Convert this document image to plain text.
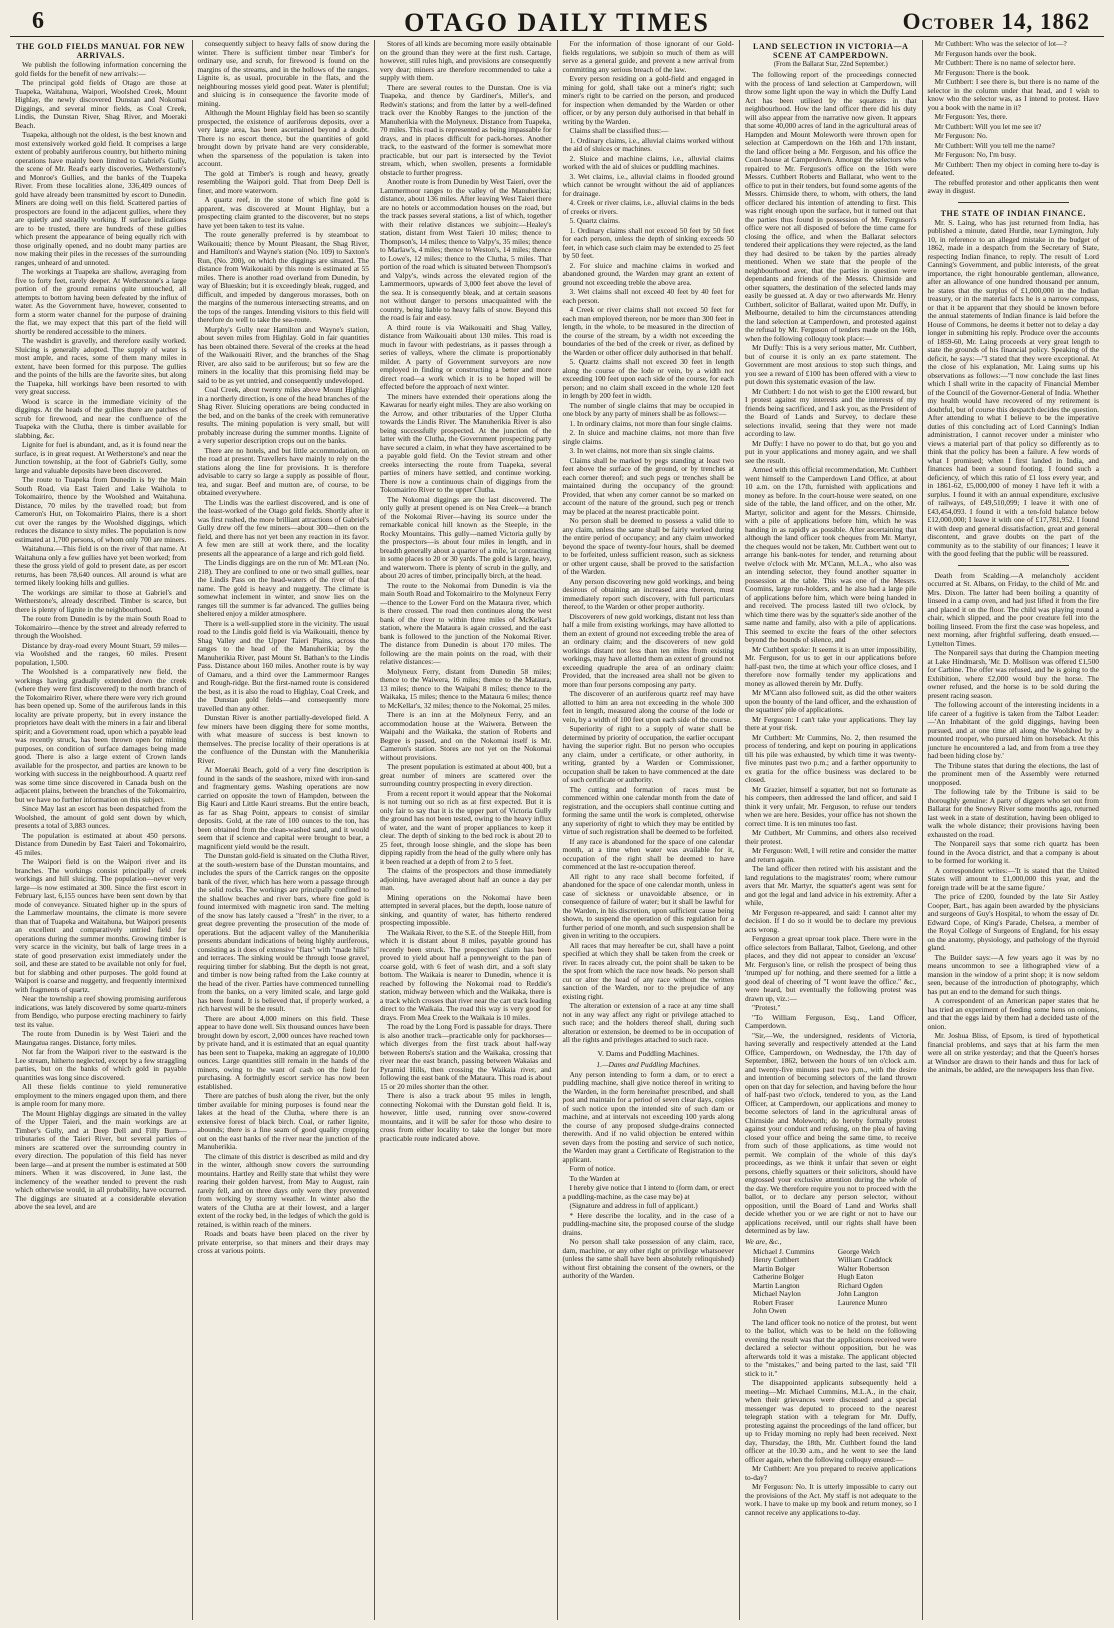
6	OTAGO DAILY TIMES	October 14, 1862
THE GOLD FIELDS MANUAL FOR NEW ARRIVALS.

We publish the following information concerning the gold fields for the benefit of new arrivals:—

The principal gold fields of Otago are those at Tuapeka, Waitahuna, Waipori, Woolshed Creek, Mount Highlay, the newly discovered Dunstan and Nokomai Diggings, and several minor fields, as Coal Creek, Lindis, the Dunstan River, Shag River, and Moeraki Beach.

Tuapeka, although not the oldest, is the best known and most extensively worked gold field. It comprises a large extent of probably auriferous country, but hitherto mining operations have mainly been limited to Gabriel's Gully, the scene of Mr. Read's early discoveries, Wetherstone's and Monroe's Gullies, and the banks of the Tuapeka River. From these localities alone, 336,409 ounces of gold have already been transmitted by escort to Dunedin. Miners are doing well on this field. Scattered parties of prospectors are found in the adjacent gullies, where they are quietly and steadily working. If surface indications are to be trusted, there are hundreds of these gullies which present the appearance of being equally rich with those originally opened, and no doubt many parties are now making their piles in the recesses of the surrounding ranges, unheard of and unnoted.

The workings at Tuapeka are shallow, averaging from five to forty feet, rarely deeper. At Wetherstone's a large portion of the ground remains quite untouched, all attempts to bottom having been defeated by the influx of water. As the Government have, however, consented to form a storm water channel for the purpose of draining the flat, we may expect that this part of the field will shortly be rendered accessible to the miners.

The washdirt is gravelly, and therefore easily worked. Sluicing is generally adopted. The supply of water is most ample, and races, some of them many miles in extent, have been formed for this purpose. The gullies and the points of the hills are the favorite sites, but along the Tuapeka, hill workings have been resorted to with very great success.

Wood is scarce in the immediate vicinity of the diggings. At the heads of the gullies there are patches of scrub for firewood, and near the confluence of the Tuapeka with the Clutha, there is timber available for slabbing, &c.

Lignite for fuel is abundant, and, as it is found near the surface, is in great request. At Wetherstone's and near the Junction township, at the foot of Gabriel's Gully, some large and valuable deposits have been discovered.

The route to Tuapeka from Dunedin is by the Main South Road, via East Taieri and Lake Waihola to Tokomairiro, thence by the Woolshed and Waitahuna. Distance, 70 miles by the travelled road; but from Cameron's Hut, on Tokomairiro Plains, there is a short cut over the ranges by the Woolshed diggings, which reduces the distance to sixty miles. The population is now estimated at 1,700 persons, of whom only 700 are miners.

Waitahuna.—This field is on the river of that name. At Waitahuna only a few gullies have yet been worked; from these the gross yield of gold to present date, as per escort returns, has been 78,640 ounces. All around is what are termed likely looking hills and gullies.

The workings are similar to those at Gabriel's and Wetherstone's, already described. Timber is scarce, but there is plenty of lignite in the neighbourhood.

The route from Dunedin is by the main South Road to Tokomairiro—thence by the street and already referred to through the Woolshed.

Distance by dray-road every Mount Stuart, 59 miles—via Woolshed and the ranges, 60 miles. Present population, 1,500.

The Woolshed is a comparatively new field, the workings having gradually extended down the creek (where they were first discovered) to the north branch of the Tokomairiro River, where there were very rich ground has been opened up. Some of the auriferous lands in this locality are private property, but in every instance the proprietors have dealt with the miners in a fair and liberal spirit; and a Government road, upon which a payable lead was recently struck, has been thrown open for mining purposes, on condition of surface damages being made good. There is also a large extent of Crown lands available for the prospector, and parties are known to be working with success in the neighbourhood. A quartz reef was some time since discovered in Canada bush on the adjacent plains, between the branches of the Tokomairiro, but we have no further information on this subject.

Since May last an escort has been despatched from the Woolshed, the amount of gold sent down by which, presents a total of 3,883 ounces.

The population is estimated at about 450 persons. Distance from Dunedin by East Taieri and Tokomairiro, 45 miles.

The Waipori field is on the Waipori river and its branches. The workings consist principally of creek workings and hill sluicing. The population—never very large—is now estimated at 300. Since the first escort in February last, 6,155 ounces have been sent down by that mode of conveyance. Situated higher up in the spurs of the Lammerlaw mountains, the climate is more severe than that of Tuapeka and Waitahuna, but Waipori presents an excellent and comparatively untried field for operations during the summer months. Growing timber is very scarce in the vicinity, but balk of large trees in a state of good preservation exist immediately under the soil, and these are stated to be available not only for fuel, but for slabbing and other purposes. The gold found at Waipori is coarse and nuggetty, and frequently intermixed with fragments of quartz.

Near the township a reef showing promising auriferous indications, was lately discovered by some quartz-miners from Bendigo, who purpose erecting machinery to fairly test its value.

The route from Dunedin is by West Taieri and the Maungatua ranges. Distance, forty miles.

Not far from the Waipori river to the eastward is the Lee stream, hitherto neglected, except by a few straggling parties, but on the banks of which gold in payable quantities was long since discovered.

All these fields continue to yield remunerative employment to the miners engaged upon them, and there is ample room for many more.

The Mount Highlay diggings are situated in the valley of the Upper Taieri, and the main workings are at Timber's Gully, and at Deep Dell and Filly Burn—tributaries of the Taieri River, but several parties of miners are scattered over the surrounding country in every direction. The population of this field has never been large—and at present the number is estimated at 500 miners. When it was discovered, in June last, the inclemency of the weather tended to prevent the rush which otherwise would, in all probability, have occurred. The diggings are situated at a considerable elevation above the sea level, and are

consequently subject to heavy falls of snow during the winter. There is sufficient timber near Timber's for ordinary use, and scrub, for firewood is found on the margins of the streams, and in the hollows of the ranges. Lignite is, as usual, procurable in the flats, and the neighbouring mosses yield good peat. Water is plentiful; and sluicing is in consequence the favorite mode of mining.

Although the Mount Highlay field has been so scantily prospected, the existence of auriferous deposits, over a very large area, has been ascertained beyond a doubt. There is no escort thence, but the quantities of gold brought down by private hand are very considerable, when the sparseness of the population is taken into account.

The gold at Timber's is rough and heavy, greatly resembling the Waipori gold. That from Deep Dell is finer, and more waterworn.

A quartz reef, in the stone of which fine gold is apparent, was discovered at Mount Highlay, but a prospecting claim granted to the discoverer, but no steps have yet been taken to test its value.

The route generally preferred is by steamboat to Waikouaiti; thence by Mount Pleasant, the Shag River, and Hamilton's and Wayne's station (No. 109) to Saxton's Run, (No. 200), on which the diggings are situated. The distance from Waikouaiti by this route is estimated at 55 miles. There is another road overland from Dunedin, by way of Blueskin; but it is exceedingly bleak, rugged, and difficult, and impeded by dangerous morasses, both on the margins of the numerous intersecting streams, and on the tops of the ranges. Intending visitors to this field will therefore do well to take the sea-route.

Murphy's Gully near Hamilton and Wayne's station, about seven miles from Highlay. Gold in fair quantities has been obtained there. Several of the creeks at the head of the Waikouaiti River, and the branches of the Shag River, are also said to be auriferous; but so few are the miners in the locality that this promising field may be said to be as yet untried, and consequently undeveloped.

Coal Creek, about twenty miles above Mount Highlay in a northerly direction, is one of the head branches of the Shag River. Sluicing operations are being conducted in the bed, and on the banks of the creek with remunerative results. The mining population is very small, but will probably increase during the summer months. Lignite of a very superior description crops out on the banks.

There are no hotels, and but little accommodation, on the road at present. Travellers have mainly to rely on the stations along the line for provisions. It is therefore advisable to carry so large a supply as possible of flour, tea, and sugar. Beef and mutton are, of course, to be obtained everywhere.

The Lindis was the earliest discovered, and is one of the least-worked of the Otago gold fields. Shortly after it was first rushed, the more brilliant attractions of Gabriel's Gully drew off the few miners—about 300—then on the field, and there has not yet been any reaction in its favor. A few men are still at work there, and the locality presents all the appearance of a large and rich gold field.

The Lindis diggings are on the run of Mr. M'Lean (No. 218). They are confined to one or two small gullies, near the Lindis Pass on the head-waters of the river of that name. The gold is heavy and nuggetty. The climate is somewhat inclement in winter, and snow lies on the ranges till the summer is far advanced. The gullies being sheltered enjoy a milder atmosphere.

There is a well-supplied store in the vicinity. The usual road to the Lindis gold field is via Waikouaiti, thence by Shag Valley and the Upper Taieri Plains, across the ranges to the head of the Manuherikia; by the Manuherikia River, past Mount St. Bathan's to the Lindis Pass. Distance about 160 miles. Another route is by way of Oamaru, and a third over the Lammermoor Ranges and Rough-ridge. But the first-named route is considered the best, as it is also the road to Highlay, Coal Creek, and the Dunstan gold fields—and consequently more travelled than any other.

Dunstan River is another partially-developed field. A few miners have been digging there for some months, with what measure of success is best known to themselves. The precise locality of their operations is at the confluence of the Dunstan with the Manuherikia River.

At Moeraki Beach, gold of a very fine description is found in the sands of the seashore, mixed with iron-sand and fragmentary gems. Washing operations are now carried on opposite the town of Hampden, between the Big Kauri and Little Kauri streams. But the entire beach, as far as Shag Point, appears to consist of similar deposits. Gold, at the rate of 100 ounces to the ton, has been obtained from the clean-washed sand, and it would seem that if science and capital were brought to bear, a magnificent yield would be the result.

The Dunstan gold-field is situated on the Clutha River, at the south-western base of the Dunstan mountains, and includes the spurs of the Carrick ranges on the opposite bank of the river, which has here worn a passage through the solid rocks. The workings are principally confined to the shallow beaches and river bars, where fine gold is found intermixed with magnetic iron sand. The melting of the snow has lately caused a "fresh" in the river, to a great degree preventing the prosecution of the mode of operations. But the adjacent valley of the Manuherikia presents abundant indications of being highly auriferous, consisting as it does of extensive "flats" with "made hills" and terraces. The sinking would be through loose gravel, requiring timber for slabbing. But the depth is not great, and timber is now being rafted from the Lake country at the head of the river. Parties have commenced tunnelling from the banks, on a very limited scale, and large gold has been found. It is believed that, if properly worked, a rich harvest will be the result.

There are about 4,000 miners on this field. These appear to have done well. Six thousand ounces have been brought down by escort, 2,000 ounces have reached town by private hand, and it is estimated that an equal quantity has been sent to Tuapeka, making an aggregate of 10,000 ounces. Large quantities still remain in the hands of the miners, owing to the want of cash on the field for purchasing. A fortnightly escort service has now been established.

There are patches of bush along the river, but the only timber available for mining purposes is found near the lakes at the head of the Clutha, where there is an extensive forest of black birch. Coal, or rather lignite, abounds; there is a fine seam of good quality cropping out on the east banks of the river near the junction of the Manuherikia.

The climate of this district is described as mild and dry in the winter, although snow covers the surrounding mountains. Hartley and Reilly state that whilst they were rearing their golden harvest, from May to August, rain rarely fell, and on three days only were they prevented from working by stormy weather. In winter also the waters of the Clutha are at their lowest, and a larger extent of the rocky bed, in the ledges of which the gold is retained, is within reach of the miners.

Roads and boats have been placed on the river by private enterprise, so that miners and their drays may cross at various points.

Stores of all kinds are becoming more easily obtainable on the ground than they were at the first rush. Cartage, however, still rules high, and provisions are consequently very dear; miners are therefore recommended to take a supply with them.

There are several routes to the Dunstan. One is via Tuapeka, and thence by Gardiner's, Miller's, and Redwin's stations; and from the latter by a well-defined track over the Knobby Ranges to the junction of the Manuherikia with the Molyneux. Distance from Tuapeka, 70 miles. This road is represented as being impassable for drays, and in places difficult for pack-horses. Another track, to the eastward of the former is somewhat more practicable, but our part is intersected by the Teviot stream, which, when swollen, presents a formidable obstacle to further progress.

Another route is from Dunedin by West Taieri, over the Lammermoor ranges to the valley of the Manuherikia; distance, about 136 miles. After leaving West Taieri there are no hotels or accommodation houses on the road, but the track passes several stations, a list of which, together with their relative distances we subjoin:—Healey's station, distant from West Taieri 10 miles; thence to Thompson's, 14 miles; thence to Valpy's, 35 miles; thence to Marlaw's, 4 miles; thence to Weston's, 14 miles; thence to Lowe's, 12 miles; thence to the Clutha, 5 miles. That portion of the road which is situated between Thompson's and Valpy's, winds across the elevated region of the Lammermoors, upwards of 3,000 feet above the level of the sea. It is consequently bleak, and at certain seasons not without danger to persons unacquainted with the country, being liable to heavy falls of snow. Beyond this the road is fair and easy.

A third route is via Waikouaiti and Shag Valley, distance from Waikouaiti about 130 miles. This road is much in favour with pedestrians, as it passes through a series of valleys, where the climate is proportionably milder. A party of Government surveyors are now employed in finding or constructing a better and more direct road—a work which it is to be hoped will be effected before the approach of next winter.

The miners have extended their operations along the Kawarau for nearly eight miles. They are also working on the Arrow, and other tributaries of the Upper Clutha towards the Lindis River. The Manuherikia River is also being successfully prospected. At the junction of the latter with the Clutha, the Government prospecting party have secured a claim, in what they have ascertained to be a payable gold field. On the Teviot stream and other creeks intersecting the route from Tuapeka, several parties of miners have settled, and continue working. There is now a continuous chain of diggings from the Tokomairiro River to the upper Clutha.

The Nokomai diggings are the last discovered. The only gully at present opened is on Nea Creek—a branch of the Nokomai River—having its source under the remarkable conical hill known as the Steeple, in the Rocky Mountains. This gully—named Victoria gully by the prospectors—is about four miles in length, and in breadth generally about a quarter of a mile, 'at contracting in some places to 20 or 30 yards. The gold is large, heavy, and waterworn. There is plenty of scrub in the gully, and about 20 acres of timber, principally birch, at the head.

The route to the Nokomai from Dunedin is via the main South Road and Tokomairiro to the Molyneux Ferry—thence to the Lower Ford on the Mataura river, which is there crossed. The road then continues along the west bank of the river to within three miles of McKellar's station, where the Mataura is again crossed, and the east bank is followed to the junction of the Nokomai River. The distance from Dunedin is about 170 miles. The following are the main points on the road, with their relative distances:—

Molyneux Ferry, distant from Dunedin 58 miles; thence to the Waiwera, 16 miles; thence to the Mataura, 13 miles; thence to the Waipahi 8 miles; thence to the Waikaka, 15 miles; thence to the Mataura 6 miles; thence to McKellar's, 32 miles; thence to the Nokomai, 25 miles.

There is an inn at the Molyneux Ferry, and an accommodation house at the Waiwera. Between the Waipahi and the Waikaka, the station of Roberts and Begree is passed, and on the Nokomai itself is Mr. Cameron's station. Stores are not yet on the Nokomai without provisions.

The present population is estimated at about 400, but a great number of miners are scattered over the surrounding country prospecting in every direction.

From a recent report it would appear that the Nokomai is not turning out so rich as at first expected. But it is only fair to say that it is the upper part of Victoria Gully the ground has not been tested, owing to the heavy influx of water, and the want of proper appliances to keep it clear. The depth of sinking to the bed rock is about 20 to 25 feet, through loose shingle, and the slope has been dipping rapidly from the head of the gully where only has it been reached at a depth of from 2 to 5 feet.

The claims of the prospectors and those immediately adjoining, have averaged about half an ounce a day per man.

Mining operations on the Nokomai have been attempted in several places, but the depth, loose nature of sinking, and quantity of water, has hitherto rendered prospecting impossible.

The Waikaia River, to the S.E. of the Steeple Hill, from which it is distant about 8 miles, payable ground has recently been struck. The prospectors' claim has been proved to yield about half a pennyweight to the pan of coarse gold, with 6 feet of wash dirt, and a soft slaty bottom. The Waikaia is nearer to Dunedin, whence it is reached by following the Nokomai road to Reddie's station, midway between which and the Waikaka, there is a track which crosses that river near the cart track leading direct to the Waikaia. The road this way is very good for drays. From Mea Creek to the Waikaia is 10 miles.

The road by the Long Ford is passable for drays. There is also another track—practicable only for packhorses—which diverges from the first track about half-way between Roberts's station and the Waikaka, crossing that river near the east branch, passing between Wakaias and Pyramid Hills, then crossing the Waikaia river, and following the east bank of the Mataura. This road is about 15 or 20 miles shorter than the other.

There is also a track about 95 miles in length, connecting Nokomai with the Dunstan gold field. It is, however, little used, running over snow-covered mountains, and it will be safer for those who desire to cross from either locality to take the longer but more practicable route indicated above.

For the information of those ignorant of our Gold-fields regulations, we subjoin so much of them as will serve as a general guide, and prevent a new arrival from committing any serious breach of the law.

Every person residing on a gold-field and engaged in mining for gold, shall take out a miner's right; such miner's right to be carried on the person, and produced for inspection when demanded by the Warden or other officer, or by any person duly authorised in that behalf in writing by the Warden.

Claims shall be classified thus:—

1. Ordinary claims, i.e., alluvial claims worked without the aid of sluices or machines.

2. Sluice and machine claims, i.e., alluvial claims worked with the aid of sluices or puddling machines.

3. Wet claims, i.e., alluvial claims in flooded ground which cannot be wrought without the aid of appliances for drainage.

4. Creek or river claims, i.e., alluvial claims in the beds of creeks or rivers.

5. Quartz claims.

1. Ordinary claims shall not exceed 50 feet by 50 feet for each person, unless the depth of sinking exceeds 50 feet, in which case such claim may be extended to 25 feet by 50 feet.

2. For sluice and machine claims in worked and abandoned ground, the Warden may grant an extent of ground not exceeding treble the above area.

3. Wet claims shall not exceed 40 feet by 40 feet for each person.

4 Creek or river claims shall not exceed 50 feet for each man employed thereon, nor be more than 300 feet in length, in the whole, to be measured in the direction of the course of the stream, by a width not exceeding the boundaries of the bed of the creek or river, as defined by the Warden or other officer duly authorised in that behalf.

5. Quartz claims shall not exceed 30 feet in length along the course of the lode or vein, by a width not exceeding 100 feet upon each side of the course, for each person; and no claim shall exceed in the whole 120 feet in length by 200 feet in width.

The number of single claims that may be occupied in one block by any party of miners shall be as follows:—

1. In ordinary claims, not more than four single claims.

2. In sluice and machine claims, not more than five single claims.

3. In wet claims, not more than six single claims.

Claims shall be marked by pegs standing at least two feet above the surface of the ground, or by trenches at each corner thereof; and such pegs or trenches shall be maintained during the occupancy of the ground: Provided, that when any corner cannot be so marked on account of the nature of the ground, such peg or trench may be placed at the nearest practicable point.

No person shall be deemed to possess a valid title to any claim, unless the same shall be fairly worked during the entire period of occupancy; and any claim unworked beyond the space of twenty-four hours, shall be deemed to be forfeited, unless sufficient reason, such as sickness or other urgent cause, shall be proved to the satisfaction of the Warden.

Any person discovering new gold workings, and being desirous of obtaining an increased area thereon, must immediately report such discovery, with full particulars thereof, to the Warden or other proper authority.

Discoverers of new gold workings, distant not less than half a mile from existing workings, may have allotted to them an extent of ground not exceeding treble the area of an ordinary claim; and the discoverers of new gold workings distant not less than ten miles from existing workings, may have allotted them an extent of ground not exceeding quadruple the area of an ordinary claim: Provided, that the increased area shall not be given to more than four persons composing any party.

The discoverer of an auriferous quartz reef may have allotted to him an area not exceeding in the whole 300 feet in length, measured along the course of the lode or vein, by a width of 100 feet upon each side of the course.

Superiority of right to a supply of water shall be determined by priority of occupation, the earlier occupant having the superior right. But no person who occupies any claim, under a certificate, or other authority, in writing, granted by a Warden or Commissioner, occupation shall be taken to have commenced at the date of such certificate or authority.

The cutting and formation of races must be commenced within one calendar month from the date of registration, and the occupiers shall continue cutting and forming the same until the work is completed, otherwise any superiority of right to which they may be entitled by virtue of such registration shall be deemed to be forfeited.

If any race is abandoned for the space of one calendar month, at a time when water was available for it, occupation of the right shall be deemed to have commenced at the last re-occupation thereof.

All right to any race shall become forfeited, if abandoned for the space of one calendar month, unless in case of sickness or unavoidable absence, or in consequence of failure of water; but it shall be lawful for the Warden, in his discretion, upon sufficient cause being shown, to suspend the operation of this regulation for a further period of one month, and such suspension shall be given in writing to the occupiers.

All races that may hereafter be cut, shall have a point specified at which they shall be taken from the creek or river. In races already cut, the point shall be taken to be the spot from which the race now heads. No person shall cut or alter the head of any race without the written sanction of the Warden, nor to the prejudice of any existing right.

The alteration or extension of a race at any time shall not in any way affect any right or privilege attached to such race; and the holders thereof shall, during such alteration or extension, be deemed to be in occupation of all the rights and privileges attached to such race.

V. Dams and Puddling Machines.
1.—Dams and Puddling Machines.

Any person intending to form a dam, or to erect a puddling machine, shall give notice thereof in writing to the Warden, in the form hereinafter prescribed, and shall post and maintain for a period of seven clear days, copies of such notice upon the intended site of such dam or machine, and at intervals not exceeding 100 yards along the course of any proposed sludge-drains connected therewith. And if no valid objection be entered within seven days from the posting and service of such notice, the Warden may grant a Certificate of Registration to the applicant.

Form of notice.

To the Warden at

I hereby give notice that I intend to (form dam, or erect a puddling-machine, as the case may be) at

(Signature and address in full of applicant.)

* Here describe the locality, and in the case of a puddling-machine site, the proposed course of the sludge drains.

No person shall take possession of any claim, race, dam, machine, or any other right or privilege whatsoever (unless the same shall have been absolutely relinquished) without first obtaining the consent of the owners, or the authority of the Warden.

LAND SELECTION IN VICTORIA—A SCENE AT CAMPERDOWN.
(From the Ballarat Star, 22nd September.)

The following report of the proceedings connected with the process of land selection at Camperdown, will throw some light upon the way in which the Duffy Land Act has been utilised by the squatters in that neighbourhood. How the land officer there did his duty will also appear from the narrative now given. It appears that some 40,000 acres of land in the agricultural areas of Hampden and Mount Moleworth were thrown open for selection at Camperdown on the 16th and 17th instant, the land officer being a Mr. Ferguson, and his office the Court-house at Camperdown. Amongst the selectors who repaired to Mr. Ferguson's office on the 16th were Messrs. Cuthbert Roberts and Ballarat, who went to the office to put in their tenders, but found some agents of the Messrs. Chirnside there, to whom, with others, the land officer declared his intention of attending to first. This was right enough upon the surface, but it turned out that the parties thus found in possession of Mr. Ferguson's office were not all disposed of before the time came for closing the office, and when the Ballarat selectors tendered their applications they were rejected, as the land they had desired to be taken by the parties already mentioned. When we state that the people of the neighbourhood aver, that the parties in question were dependants and friends of the Messrs. Chirnside and other squatters, the destination of the selected lands may easily be guessed at. A day or two afterwards Mr. Henry Cuthbert, solicitor of Ballarat, waited upon Mr. Duffy, in Melbourne, detailed to him the circumstances attending the land selection at Camperdown, and protested against the refusal by Mr. Ferguson of tenders made on the 16th, when the following colloquy took place:—

Mr Duffy: This is a very serious matter, Mr. Cuthbert, but of course it is only an ex parte statement. The Government are most anxious to stop such things, and you see a reward of £100 has been offered with a view to put down this systematic evasion of the law.

Mr Cuthbert: I do not wish to get the £100 reward, but I protest against my interests and the interests of my friends being sacrificed, and I ask you, as the President of the Board of Lands and Survey, to declare these selections invalid, seeing that they were not made according to law.

Mr Duffy: I have no power to do that, but go you and put in your applications and money again, and we shall see the result.

Armed with this official recommendation, Mr. Cuthbert went himself to the Camperdown Land Office, at about 10 a.m. on the 17th, furnished with applications and money as before. In the court-house were seated, on one side of the table, the land officer, and on the other, Mr. Martyr, solicitor and agent for the Messrs. Chirnside, with a pile of applications before him, which he was handing in as rapidly as possible. After ascertaining that although the land officer took cheques from Mr. Martyr, the cheques would not be taken, Mr. Cuthbert went out to arrange his bank-notes for tender, and returning about twelve o'clock with Mr. M'Cann, M.L.A., who also was an intending selector, they found another squatter in possession at the table. This was one of the Messrs. Coomins, large run-holders, and he also had a large pile of applications before him, which were being handed in and received. The process lasted till two o'clock, by which time there was by the squatter's side another of the same name and family, also with a pile of applications. This seemed to excite the fears of the other selectors beyond the bounds of silence, and

Mr Cuthbert spoke: It seems it is an utter impossibility, Mr. Ferguson, for us to get in our applications before half-past two, the time at which your office closes, and I therefore now formally tender my applications and money as allowed therein by Mr. Duffy.

Mr M'Cann also followed suit, as did the other waiters upon the bounty of the land officer, and the exhaustion of the squatters' pile of applications.

Mr Ferguson: I can't take your applications. They lay there at your risk.

Mr Cuthbert: Mr Cummins, No. 2, then resumed the process of tendering, and kept on pouring in applications till his pile was exhausted, by which time it was twenty-five minutes past two p.m.; and a farther opportunity to ex gratia for the office business was declared to be closed.

Mr Grazier, himself a squatter, but not so fortunate as his compeers, then addressed the land officer, and said I think it very unfair, Mr. Ferguson, to refuse our tenders when we are here. Besides, your office has not shown the correct time. It is ten minutes too fast.

Mr Cuthbert, Mr Cummins, and others also received their protest.

Mr Ferguson: Well, I will retire and consider the matter and return again.

The land officer then retired with his assistant and the land regulations to the magistrates' room; where rumour avers that Mr. Martyr, the squatter's agent was sent for and got the legal and land advice in his extremity. After a while,

Mr Ferguson re-appeared, and said: I cannot alter my decision. If I do so it would be to declare my previous acts wrong.

Ferguson a great uproar took place. There were in the office selectors from Ballarat, Talbot, Geelong, and other places, and they did not appear to consider an 'excuse' Mr. Ferguson's line, or relish the prospect of being thus 'trumped up' for nothing, and there seemed for a little a good deal of cheering of "I wont leave the office." &c., were heard, but eventually the following protest was drawn up, viz.:—

"Protest."

"To William Ferguson, Esq., Land Officer, Camperdown.

"Sir,—We, the undersigned, residents of Victoria, having severally and respectively attended at the Land Office, Camperdown, on Wednesday, the 17th day of September, 1862, between the hours of ten o'clock a.m. and twenty-five minutes past two p.m., with the desire and intention of becoming selectors of the land thrown open on that day for selection, and having before the hour of half-past two o'clock, tendered to you, as the Land Officer, at Camperdown, our applications and money to become selectors of land in the agricultural areas of Chirnside and Moleworth; do hereby formally protest against your conduct and refusing, on the plea of having closed your office and being the same time, to receive from such of those applications, as time would not permit. We complain of the whole of this day's proceedings, as we think it unfair that seven or eight persons, chiefly squatters or their solicitors, should have engrossed your exclusive attention during the whole of the day. We therefore require you not to proceed with the ballot, or to declare any person selector, without opposition, until the Board of Land and Works shall decide whether you or we are right or not to have our applications received, until our rights shall have been determined as by law.

We are, &c.,
Michael J. Cummins	George Welch
Henry Cuthbert	William Craddock
Martin Bolger	Walter Robertson
Catherine Bolger	Hugh Eaton
Martin Langton	Richard Ogden
Michael Naylon	John Langton
Robert Fraser	Laurence Munro
John Owen

The land officer took no notice of the protest, but went to the ballot, which was to be held on the following evening the result was that the applications received were declared a selector without opposition, but he was afterwards told it was a mistake. The applicant objected to the "mistakes," and being parted to the last, said "I'll stick to it."

The disappointed applicants subsequently held a meeting—Mr. Michael Cummins, M.L.A., in the chair, when their grievances were discussed and a special messenger was deputed to proceed to the nearest telegraph station with a telegram for Mr. Duffy, protesting against the proceedings of the land officer, but up to Friday morning no reply had been received. Next day, Thursday, the 18th, Mr. Cuthbert found the land officer at the 10.30 a.m., and he went to see the land officer again, when the following colloquy ensued:—

Mr Cuthbert: Are you prepared to receive applications to-day?

Mr Ferguson: No. It is utterly impossible to carry out the provisions of the Act. My staff is not adequate to the work. I have to make up my book and return money, so I cannot receive any applications to-day.

Mr Cuthbert: Who was the selector of lot—?

Mr Ferguson hands over the book.

Mr Cuthbert: There is no name of selector here.

Mr Ferguson: There is the book.

Mr Cuthbert: I see there is, but there is no name of the selector in the column under that head, and I wish to know who the selector was, as I intend to protest. Have you a book with the name in it?

Mr Ferguson: Yes, there.

Mr Cuthbert: Will you let me see it?

Mr Ferguson: No.

Mr Cuthbert: Will you tell me the name?

Mr Ferguson: No, I'm busy.

Mr Cuthbert: Then my object in coming here to-day is defeated.

The rebuffed protestor and other applicants then went away in disgust.

THE STATE OF INDIAN FINANCE.

Mr. S. Laing, who has just returned from India, has published a minute, dated Hurdie, near Lymington, July 10, in reference to an alleged mistake in the budget of 1862, made in a despatch from the Secretary of State, respecting Indian finance, to reply. The result of Lord Canning's Government, and public interests, of the great importance, the right honourable gentleman, allowance, after an allowance of one hundred thousand per annum, he states that the surplus of £1,000,000 in the Indian treasury, or in the material facts he is a narrow compass, or that it be apparent that they should be known before the annual statements of Indian finance is laid before the House of Commons, he deems it better not to delay a day longer in submitting his reply. Produce over the accounts of 1859-60, Mr. Laing proceeds at very great length to state the grounds of his financial policy. Speaking of the deficit, he says:—"I stated that they were exceptional. At the close of his explanation, Mr. Laing sums up his observations as follows:—"I now conclude the last lines which I shall write in the capacity of Financial Member of the Council of the Governor-General of India. Whether my health would have recovered of my retirement is doubtful, but of course this despatch decides the question. After attending to what I believe to be the imperative duties of this concluding act of Lord Canning's Indian administration, I cannot recover under a minister who views a material part of that policy so differently as to think that the policy has been a failure. A few words of what I promised; when I first landed in India, and finances had been a sound footing. I found such a deficiency, of which this ratio of £1 loss every year, and in 1861-62, £5,000,000 of money I have left it with a surplus. I found it with an annual expenditure, exclusive of railways, of £49,510,099; I leave it with one of £43,454,093. I found it with a ten-fold balance below £12,000,000; I leave it with one of £17,781,952. I found it with deep and general dissatisfaction, great and general discontent, and grave doubts on the part of the community as to the stability of our finances; I leave it with the good feeling that the public will be reassured.

Death from Scalding.—A melancholy accident occurred at St. Albans, on Friday, to the child of Mr. and Mrs. Dixon. The latter had been boiling a quantity of linseed in a camp oven, and had just lifted it from the fire and placed it on the floor. The child was playing round a chair, which slipped, and the poor creature fell into the boiling linseed. From the first the case was hopeless, and next morning, after frightful suffering, death ensued.—Lyttelton Times.

The Nonpareil says that during the Champion meeting at Lake Hindmarsh, 'Mr. D. Mollison was offered £1,500 for Carbine. The offer was refused, and he is going to the Exhibition, where £2,000 would buy the horse. The owner refused, and the horse is to be sold during the present racing season.

The following account of the interesting incidents in a life career of a fugitive is taken from the Talbot Leader:—'An Inhabitant of the gold diggings, having been pursued, and at one time all along the Woolshed by a mounted trooper, who pursued him on horseback. At this juncture he encountered a lad, and from from a tree they had been hiding close by.'

The Tribune states that during the elections, the last of the prominent men of the Assembly were returned unopposed.

The following tale by the Tribune is said to be thoroughly genuine: A party of diggers who set out from Ballarat for the Snowy River some months ago, returned last week in a state of destitution, having been obliged to walk the whole distance; their provisions having been exhausted on the road.

The Nonpareil says that some rich quartz has been found in the Avoca district, and that a company is about to be formed for working it.

A correspondent writes:—'It is stated that the United States will amount to £1,000,000 this year, and the foreign trade will be at the same figure.'

The price of £200, founded by the late Sir Astley Cooper, Bart., has again been awarded by the physicians and surgeons of Guy's Hospital, to whom the essay of Dr. Edward Cope, of King's Parade, Chelsea, a member of the Royal College of Surgeons of England, for his essay on the anatomy, physiology, and pathology of the thyroid gland.

The Builder says:—A few years ago it was by no means uncommon to see a lithographed view of a mansion in the window of a print shop; it is now seldom seen, because of the introduction of photography, which has put an end to the demand for such things.

A correspondent of an American paper states that he has tried an experiment of feeding some hens on onions, and that the eggs laid by them had a decided taste of the onion.

Mr. Joshua Bliss, of Epsom, is tired of hypothetical financial problems, and says that at his farm the men were all on strike yesterday; and that the Queen's horses at Windsor are drawn to their hands and thus for lack of the animals, be added, are the newspapers less than five.
